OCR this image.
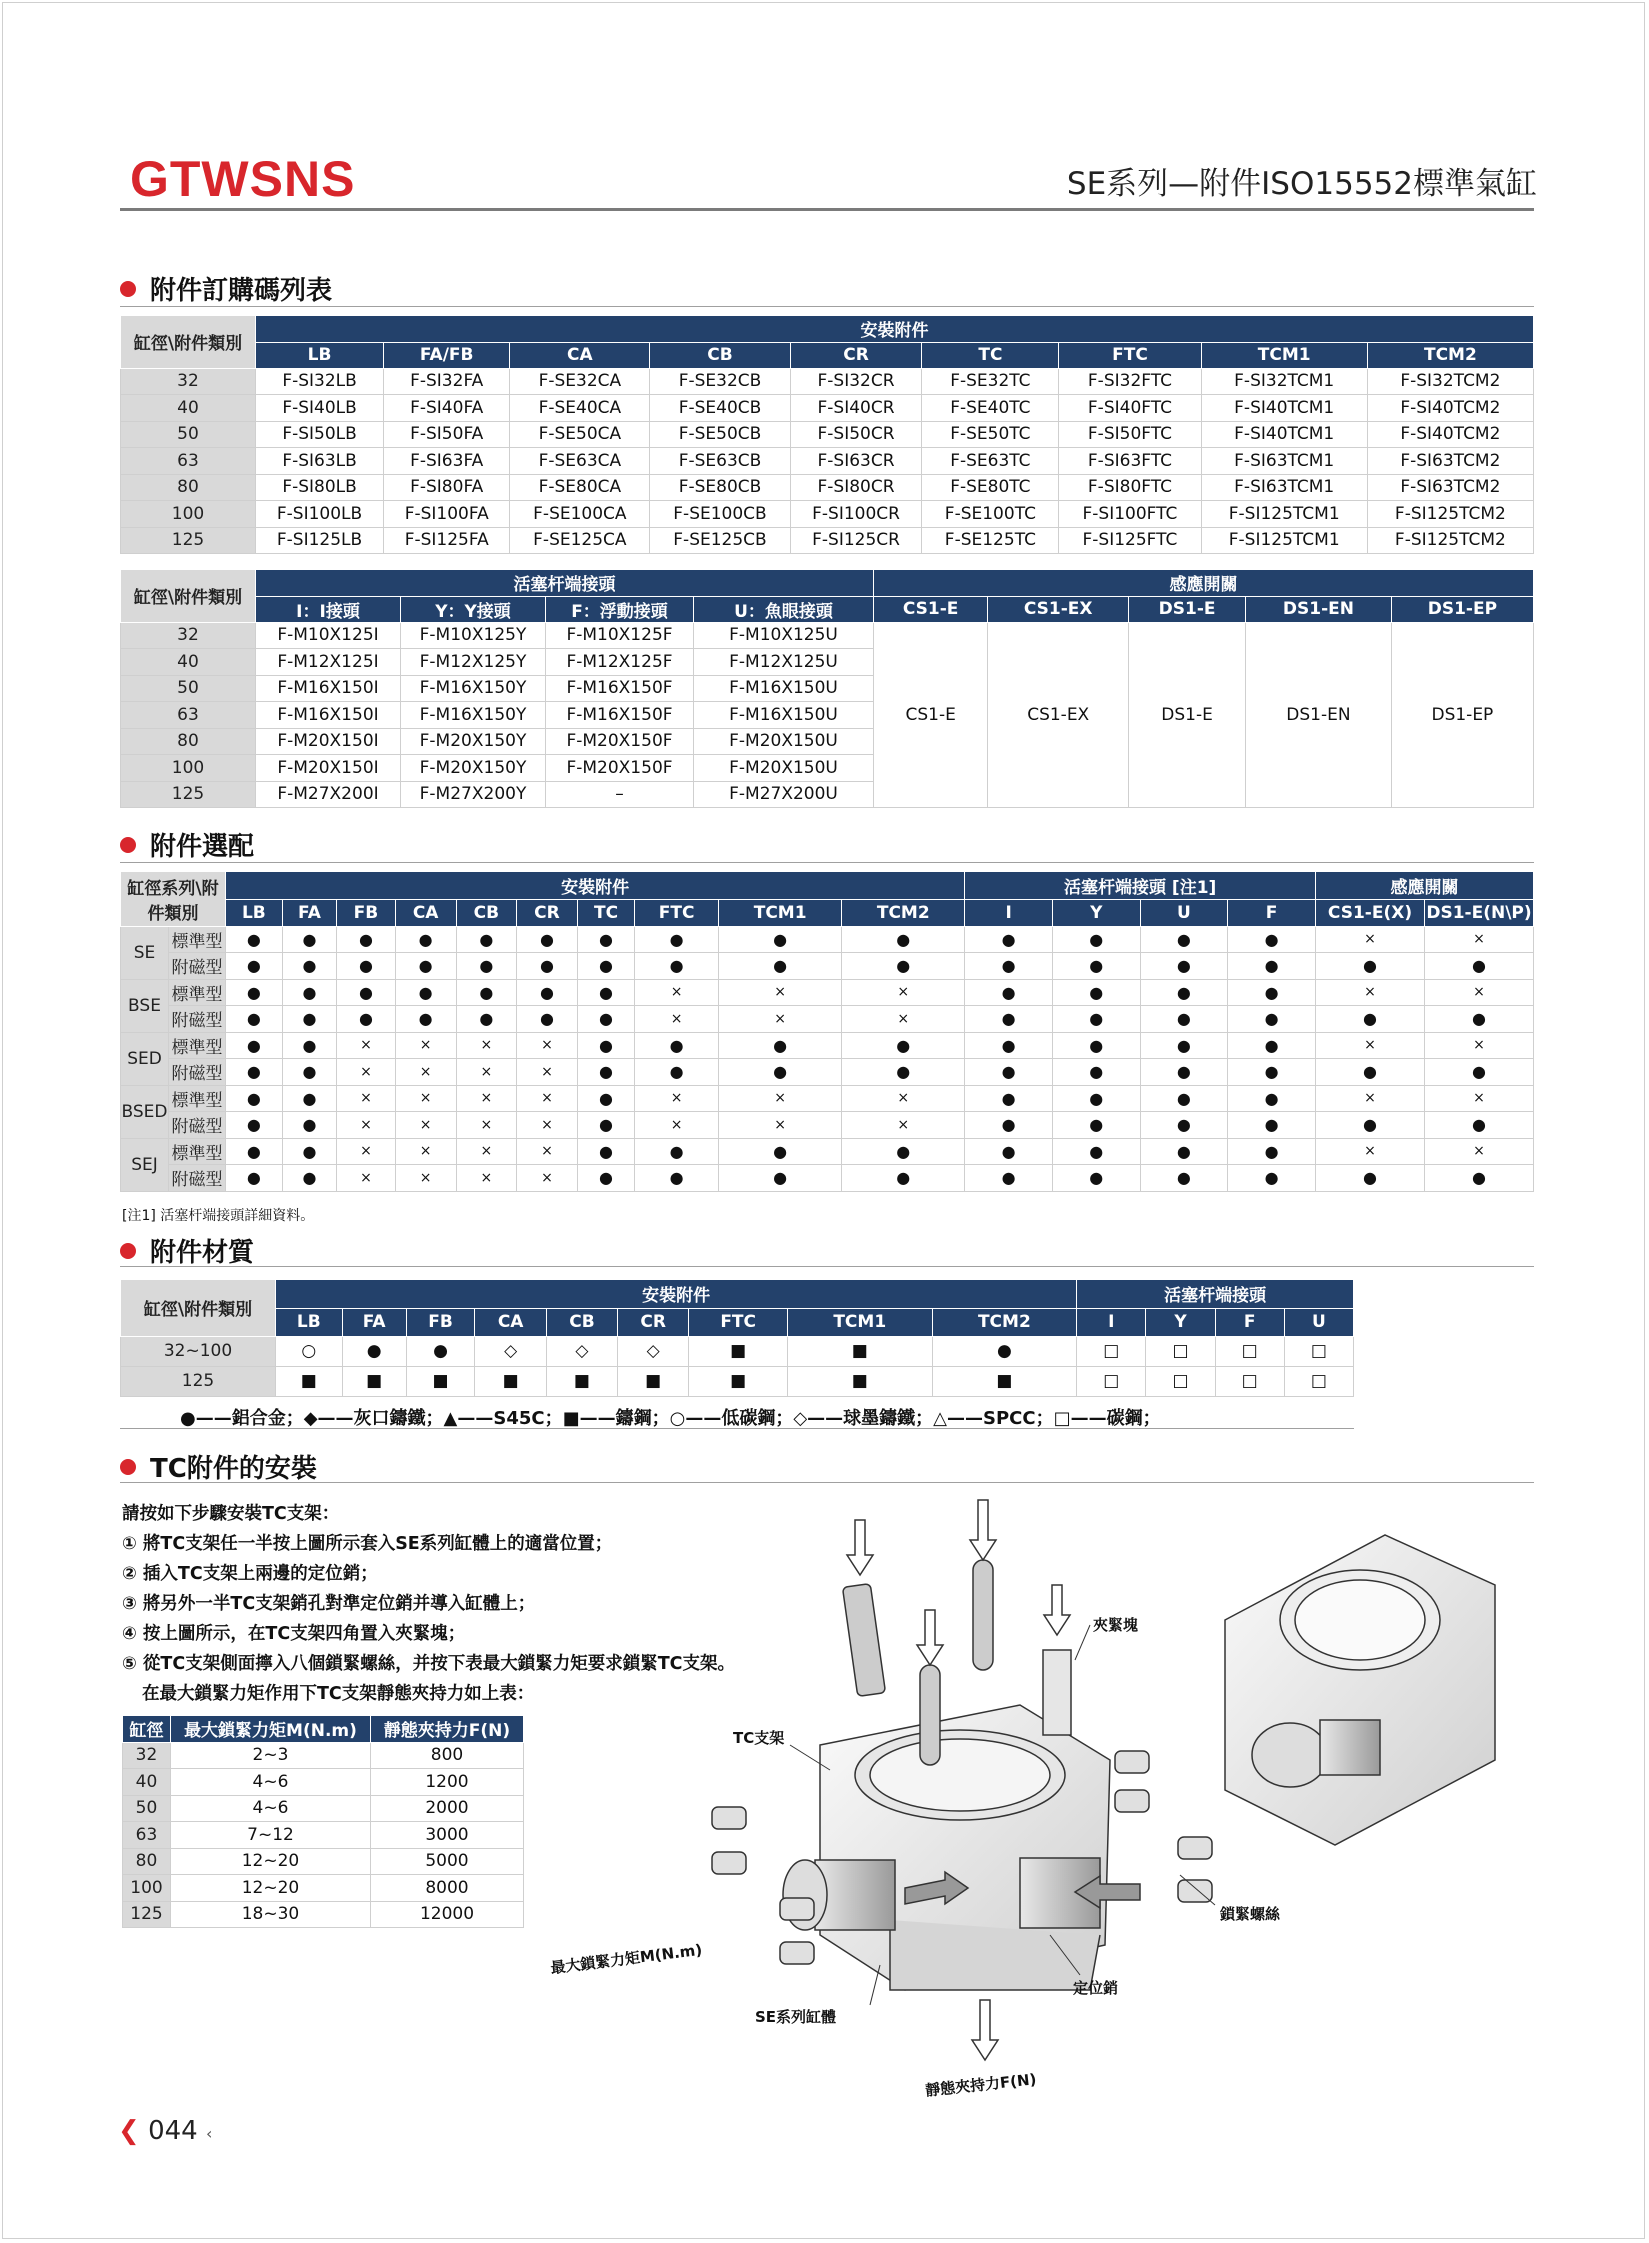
GTWSNS	SE系列—附件ISO15552標準氣缸
附件訂購碼列表
缸徑\附件類別	安裝附件								
	LB	FA/FB	CA	CB	CR	TC	FTC	TCM1	TCM2
32	F-SI32LB	F-SI32FA	F-SE32CA	F-SE32CB	F-SI32CR	F-SE32TC	F-SI32FTC	F-SI32TCM1	F-SI32TCM2
40	F-SI40LB	F-SI40FA	F-SE40CA	F-SE40CB	F-SI40CR	F-SE40TC	F-SI40FTC	F-SI40TCM1	F-SI40TCM2
50	F-SI50LB	F-SI50FA	F-SE50CA	F-SE50CB	F-SI50CR	F-SE50TC	F-SI50FTC	F-SI40TCM1	F-SI40TCM2
63	F-SI63LB	F-SI63FA	F-SE63CA	F-SE63CB	F-SI63CR	F-SE63TC	F-SI63FTC	F-SI63TCM1	F-SI63TCM2
80	F-SI80LB	F-SI80FA	F-SE80CA	F-SE80CB	F-SI80CR	F-SE80TC	F-SI80FTC	F-SI63TCM1	F-SI63TCM2
100	F-SI100LB	F-SI100FA	F-SE100CA	F-SE100CB	F-SI100CR	F-SE100TC	F-SI100FTC	F-SI125TCM1	F-SI125TCM2
125	F-SI125LB	F-SI125FA	F-SE125CA	F-SE125CB	F-SI125CR	F-SE125TC	F-SI125FTC	F-SI125TCM1	F-SI125TCM2
缸徑\附件類別	活塞杆端接頭				感應開關				
	I：I接頭	Y：Y接頭	F：浮動接頭	U：魚眼接頭	CS1-E	CS1-EX	DS1-E	DS1-EN	DS1-EP
32	F-M10X125I	F-M10X125Y	F-M10X125F	F-M10X125U	CS1-E	CS1-EX	DS1-E	DS1-EN	DS1-EP
40	F-M12X125I	F-M12X125Y	F-M12X125F	F-M12X125U					
50	F-M16X150I	F-M16X150Y	F-M16X150F	F-M16X150U					
63	F-M16X150I	F-M16X150Y	F-M16X150F	F-M16X150U					
80	F-M20X150I	F-M20X150Y	F-M20X150F	F-M20X150U					
100	F-M20X150I	F-M20X150Y	F-M20X150F	F-M20X150U					
125	F-M27X200I	F-M27X200Y	–	F-M27X200U					
附件選配
缸徑系列\附件類別		安裝附件										活塞杆端接頭 [注1]				感應開關	
		LB	FA	FB	CA	CB	CR	TC	FTC	TCM1	TCM2	I	Y	U	F	CS1-E(X)	DS1-E(N\P)
SE	標準型	●	●	●	●	●	●	●	●	●	●	●	●	●	●	×	×
	附磁型	●	●	●	●	●	●	●	●	●	●	●	●	●	●	●	●
BSE	標準型	●	●	●	●	●	●	●	×	×	×	●	●	●	●	×	×
	附磁型	●	●	●	●	●	●	●	×	×	×	●	●	●	●	●	●
SED	標準型	●	●	×	×	×	×	●	●	●	●	●	●	●	●	×	×
	附磁型	●	●	×	×	×	×	●	●	●	●	●	●	●	●	●	●
BSED	標準型	●	●	×	×	×	×	●	×	×	×	●	●	●	●	×	×
	附磁型	●	●	×	×	×	×	●	×	×	×	●	●	●	●	●	●
SEJ	標準型	●	●	×	×	×	×	●	●	●	●	●	●	●	●	×	×
	附磁型	●	●	×	×	×	×	●	●	●	●	●	●	●	●	●	●
[注1] 活塞杆端接頭詳細資料。
附件材質
缸徑\附件類別	安裝附件									活塞杆端接頭			
	LB	FA	FB	CA	CB	CR	FTC	TCM1	TCM2	I	Y	F	U
32~100	○	●	●	◇	◇	◇	■	■	●	□	□	□	□
125	■	■	■	■	■	■	■	■	■	□	□	□	□
●——鋁合金；◆——灰口鑄鐵；▲——S45C；■——鑄鋼；○——低碳鋼；◇——球墨鑄鐵；△——SPCC；□——碳鋼；
TC附件的安裝
請按如下步驟安裝TC支架：
① 將TC支架任一半按上圖所示套入SE系列缸體上的適當位置；
② 插入TC支架上兩邊的定位銷；
③ 將另外一半TC支架銷孔對準定位銷并導入缸體上；
④ 按上圖所示，在TC支架四角置入夾緊塊；
⑤ 從TC支架側面擰入八個鎖緊螺絲，并按下表最大鎖緊力矩要求鎖緊TC支架。
在最大鎖緊力矩作用下TC支架靜態夾持力如上表：
缸徑	最大鎖緊力矩M(N.m)	靜態夾持力F(N)
32	2~3	800
40	4~6	1200
50	4~6	2000
63	7~12	3000
80	12~20	5000
100	12~20	8000
125	18~30	12000
夾緊塊
TC支架
鎖緊螺絲
最大鎖緊力矩M(N.m)
SE系列缸體
定位銷
靜態夾持力F(N)
❮ 044 ‹
